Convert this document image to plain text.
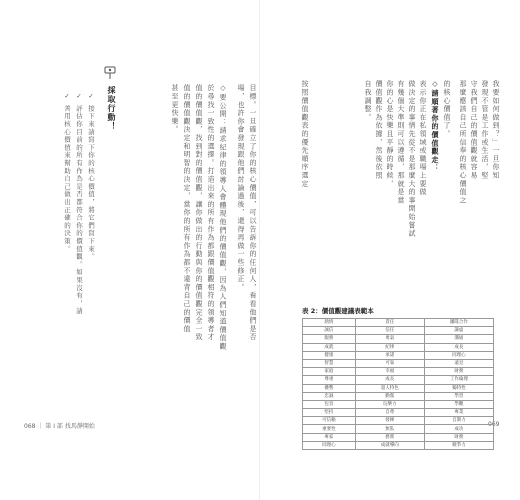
目標。一旦確立了你的核心價值，可以告訴你的任何人，看看他們是否
場，也許你會發現跟他們討論過後，還得再做一些修正。
◇要公開：請求紀律的領導人會體現他們的價值觀，因為人們知道價值觀
於尋找一致性的選擇。打造出來的所有作為都跟價值觀相符的領導者才
值的價值觀，找到對的價值觀，讓你做出的行動與你的價值觀完全一致
值的價值觀決定和明智的決定，當你的所有作為都不違背自己的價值
甚至更快樂。
採取行動！
✓ 接下來請寫下你的核心價值，將它們寫下來。
✓ 評估你目前的所有作為是否都符合你的價值觀。如果沒有，請
✓ 善用核心價值來幫助自己做出正確的決策。
068 ｜ 第 I 部 找馬靜開始
我要如何做到？」一旦你知
發現不管是工作或生活，堅
守我們自己的價值觀就容易
那麼應該自己所信奉的核心價值之
的核心價值了。
◇請順著你的價值觀走：
表示你正在私領域或職場上要做
做決定的事情先從不是那麼大的事開始嘗試
有幾個大準則可以遵循，那就是當
你的心是快樂且平靜的時候，
價值觀作為依據，然後依照
自我調整。
按照價值觀表的優先順序選定
069
表 2：價值觀建議表範本
熱情	責任	團隊合作
誠信	信任	謙虛
服務	勇氣	溝通
成就	紀律	成長
健康	承諾	同理心
智慧	可靠	遠見
家庭	幸福	財務
尊重	成長	工作倫理
優勢	超人特色	獨特性
忠誠	勤奮	學習
包容	玩樂力	學觀
堅持	自尊	專業
可信賴	發揮	自制力
重要性	無私	成功
專家	務實	財務
同理心	成就導向	競爭力
